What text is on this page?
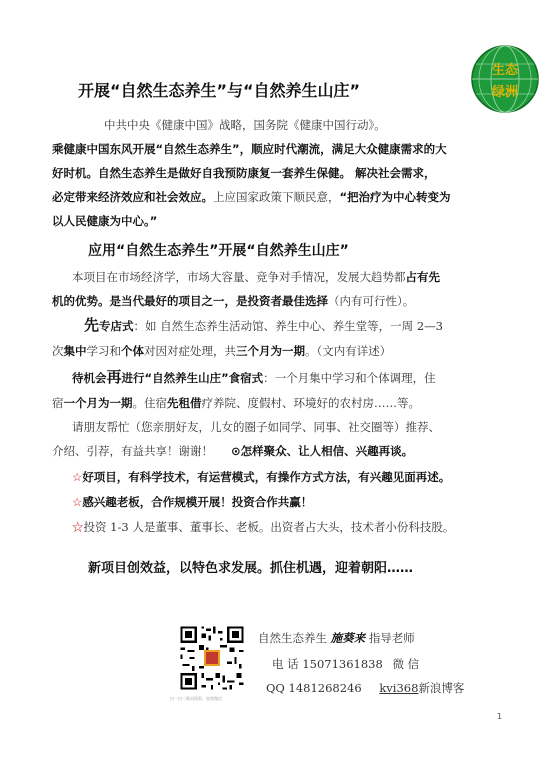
生态
绿洲
开展“自然生态养生”与“自然养生山庄”
中共中央《健康中国》战略，国务院《健康中国行动》。
乘健康中国东风开展“自然生态养生”，顺应时代潮流，满足大众健康需求的大
好时机。自然生态养生是做好自我预防康复一套养生保健。 解决社会需求，
必定带来经济效应和社会效应。上应国家政策下顺民意，“把治疗为中心转变为
以人民健康为中心。”
应用“自然生态养生”开展“自然养生山庄”
本项目在市场经济学，市场大容量、竞争对手情况，发展大趋势都占有先
机的优势。是当代最好的项目之一，是投资者最佳选择（内有可行性）。
先专店式：如 自然生态养生活动馆、养生中心、养生堂等，一周 2—3
次集中学习和个体对因对症处理，共三个月为一期。（文内有详述）
待机会再进行“自然养生山庄”食宿式：一个月集中学习和个体调理，住
宿一个月为一期。住宿先租借疗养院、度假村、环境好的农村房……等。
请朋友帮忙（您亲朋好友，儿女的圈子如同学、同事、社交圈等）推荐、
介绍、引荐，有益共享！谢谢！ ⊙怎样聚众、让人相信、兴趣再谈。
☆好项目，有科学技术，有运营模式，有操作方式方法，有兴趣见面再述。
☆感兴趣老板，合作规模开展！投资合作共赢！
☆投资 1-3 人是董事、董事长、老板。出资者占大头，技术者小份科技股。
新项目创效益，以特色求发展。抓住机遇，迎着朝阳……
扫一扫二维码图案，加我微信
自然生态养生 施葵来 指导老师
电 话 15071361838 微 信
QQ 1481268246 kvi368新浪博客
1
